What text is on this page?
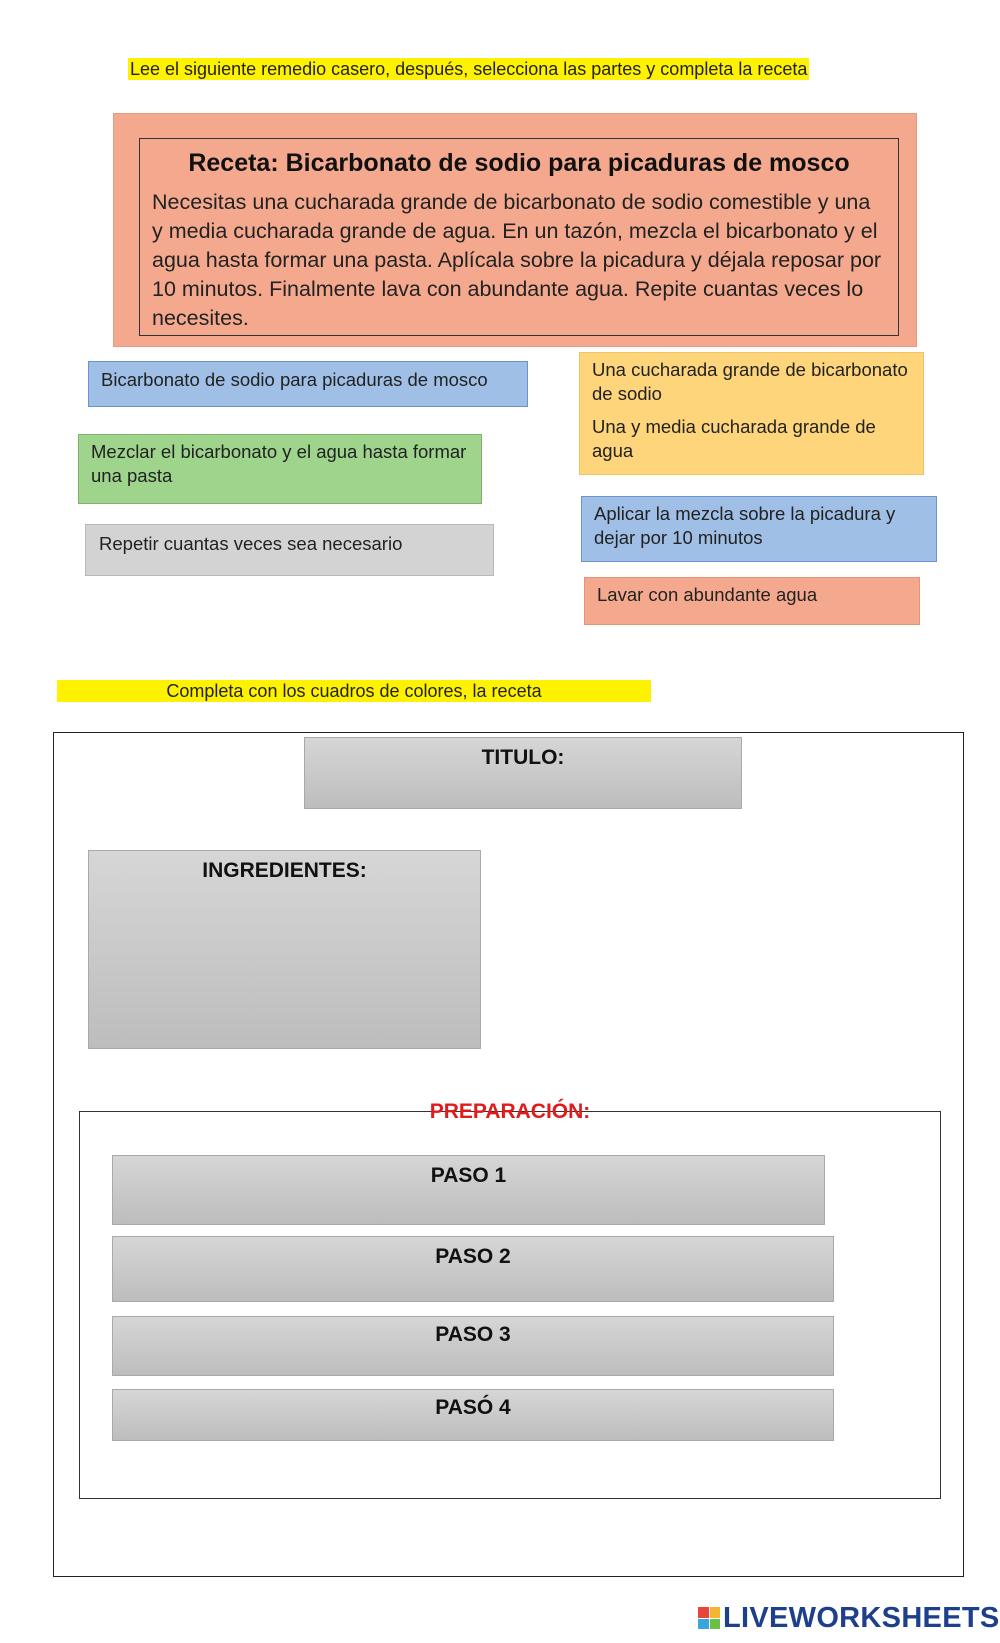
Lee el siguiente remedio casero, después, selecciona las partes y completa la receta
Receta: Bicarbonato de sodio para picaduras de mosco
Necesitas una cucharada grande de bicarbonato de sodio comestible y una y media cucharada grande de agua. En un tazón, mezcla el bicarbonato y el agua hasta formar una pasta. Aplícala sobre la picadura y déjala reposar por 10 minutos. Finalmente lava con abundante agua. Repite cuantas veces lo necesites.
Bicarbonato de sodio para picaduras de mosco
Mezclar el bicarbonato y el agua hasta formar una pasta
Repetir cuantas veces sea necesario
Una cucharada grande de bicarbonato de sodio
Una y media cucharada grande de agua
Aplicar la mezcla sobre la picadura y dejar por 10 minutos
Lavar con abundante agua
Completa con los cuadros de colores, la receta
TITULO:
INGREDIENTES:
PREPARACIÓN:
PASO 1
PASO 2
PASO 3
PASÓ 4
LIVEWORKSHEETS
